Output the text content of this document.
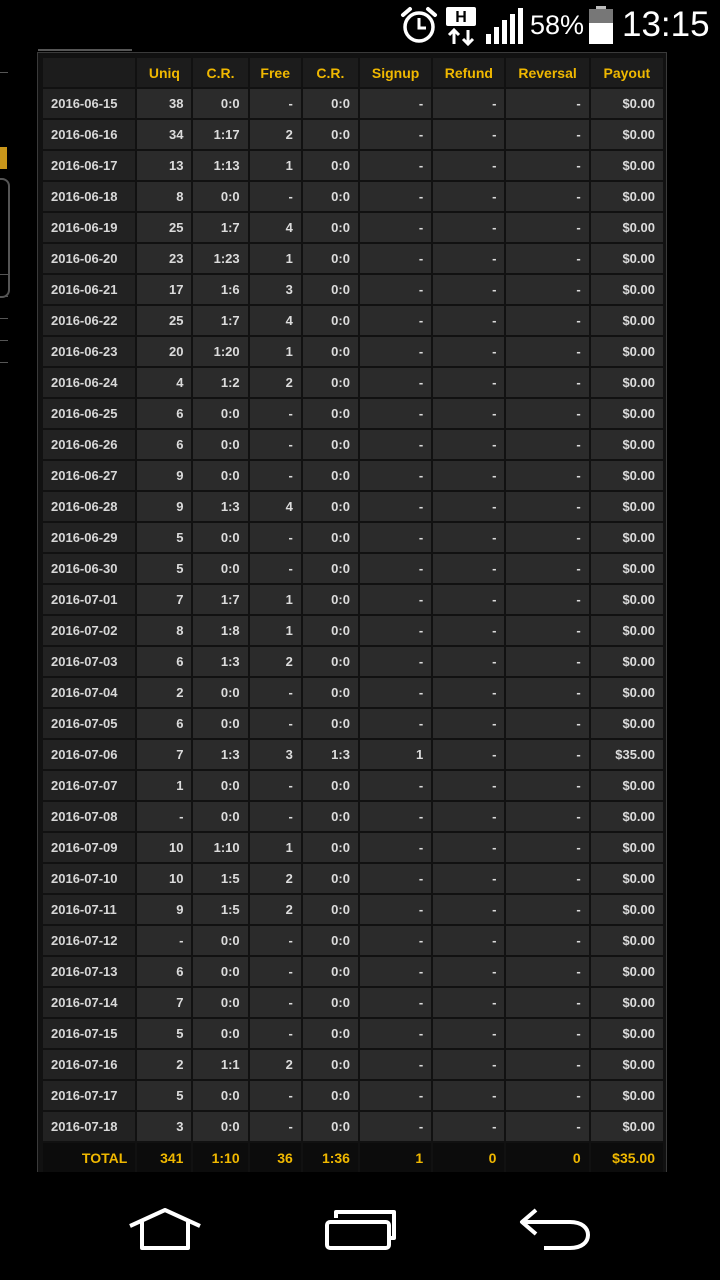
H 58% 13:15
	Uniq	C.R.	Free	C.R.	Signup	Refund	Reversal	Payout
2016-06-15	38	0:0	-	0:0	-	-	-	$0.00
2016-06-16	34	1:17	2	0:0	-	-	-	$0.00
2016-06-17	13	1:13	1	0:0	-	-	-	$0.00
2016-06-18	8	0:0	-	0:0	-	-	-	$0.00
2016-06-19	25	1:7	4	0:0	-	-	-	$0.00
2016-06-20	23	1:23	1	0:0	-	-	-	$0.00
2016-06-21	17	1:6	3	0:0	-	-	-	$0.00
2016-06-22	25	1:7	4	0:0	-	-	-	$0.00
2016-06-23	20	1:20	1	0:0	-	-	-	$0.00
2016-06-24	4	1:2	2	0:0	-	-	-	$0.00
2016-06-25	6	0:0	-	0:0	-	-	-	$0.00
2016-06-26	6	0:0	-	0:0	-	-	-	$0.00
2016-06-27	9	0:0	-	0:0	-	-	-	$0.00
2016-06-28	9	1:3	4	0:0	-	-	-	$0.00
2016-06-29	5	0:0	-	0:0	-	-	-	$0.00
2016-06-30	5	0:0	-	0:0	-	-	-	$0.00
2016-07-01	7	1:7	1	0:0	-	-	-	$0.00
2016-07-02	8	1:8	1	0:0	-	-	-	$0.00
2016-07-03	6	1:3	2	0:0	-	-	-	$0.00
2016-07-04	2	0:0	-	0:0	-	-	-	$0.00
2016-07-05	6	0:0	-	0:0	-	-	-	$0.00
2016-07-06	7	1:3	3	1:3	1	-	-	$35.00
2016-07-07	1	0:0	-	0:0	-	-	-	$0.00
2016-07-08	-	0:0	-	0:0	-	-	-	$0.00
2016-07-09	10	1:10	1	0:0	-	-	-	$0.00
2016-07-10	10	1:5	2	0:0	-	-	-	$0.00
2016-07-11	9	1:5	2	0:0	-	-	-	$0.00
2016-07-12	-	0:0	-	0:0	-	-	-	$0.00
2016-07-13	6	0:0	-	0:0	-	-	-	$0.00
2016-07-14	7	0:0	-	0:0	-	-	-	$0.00
2016-07-15	5	0:0	-	0:0	-	-	-	$0.00
2016-07-16	2	1:1	2	0:0	-	-	-	$0.00
2016-07-17	5	0:0	-	0:0	-	-	-	$0.00
2016-07-18	3	0:0	-	0:0	-	-	-	$0.00
TOTAL	341	1:10	36	1:36	1	0	0	$35.00
